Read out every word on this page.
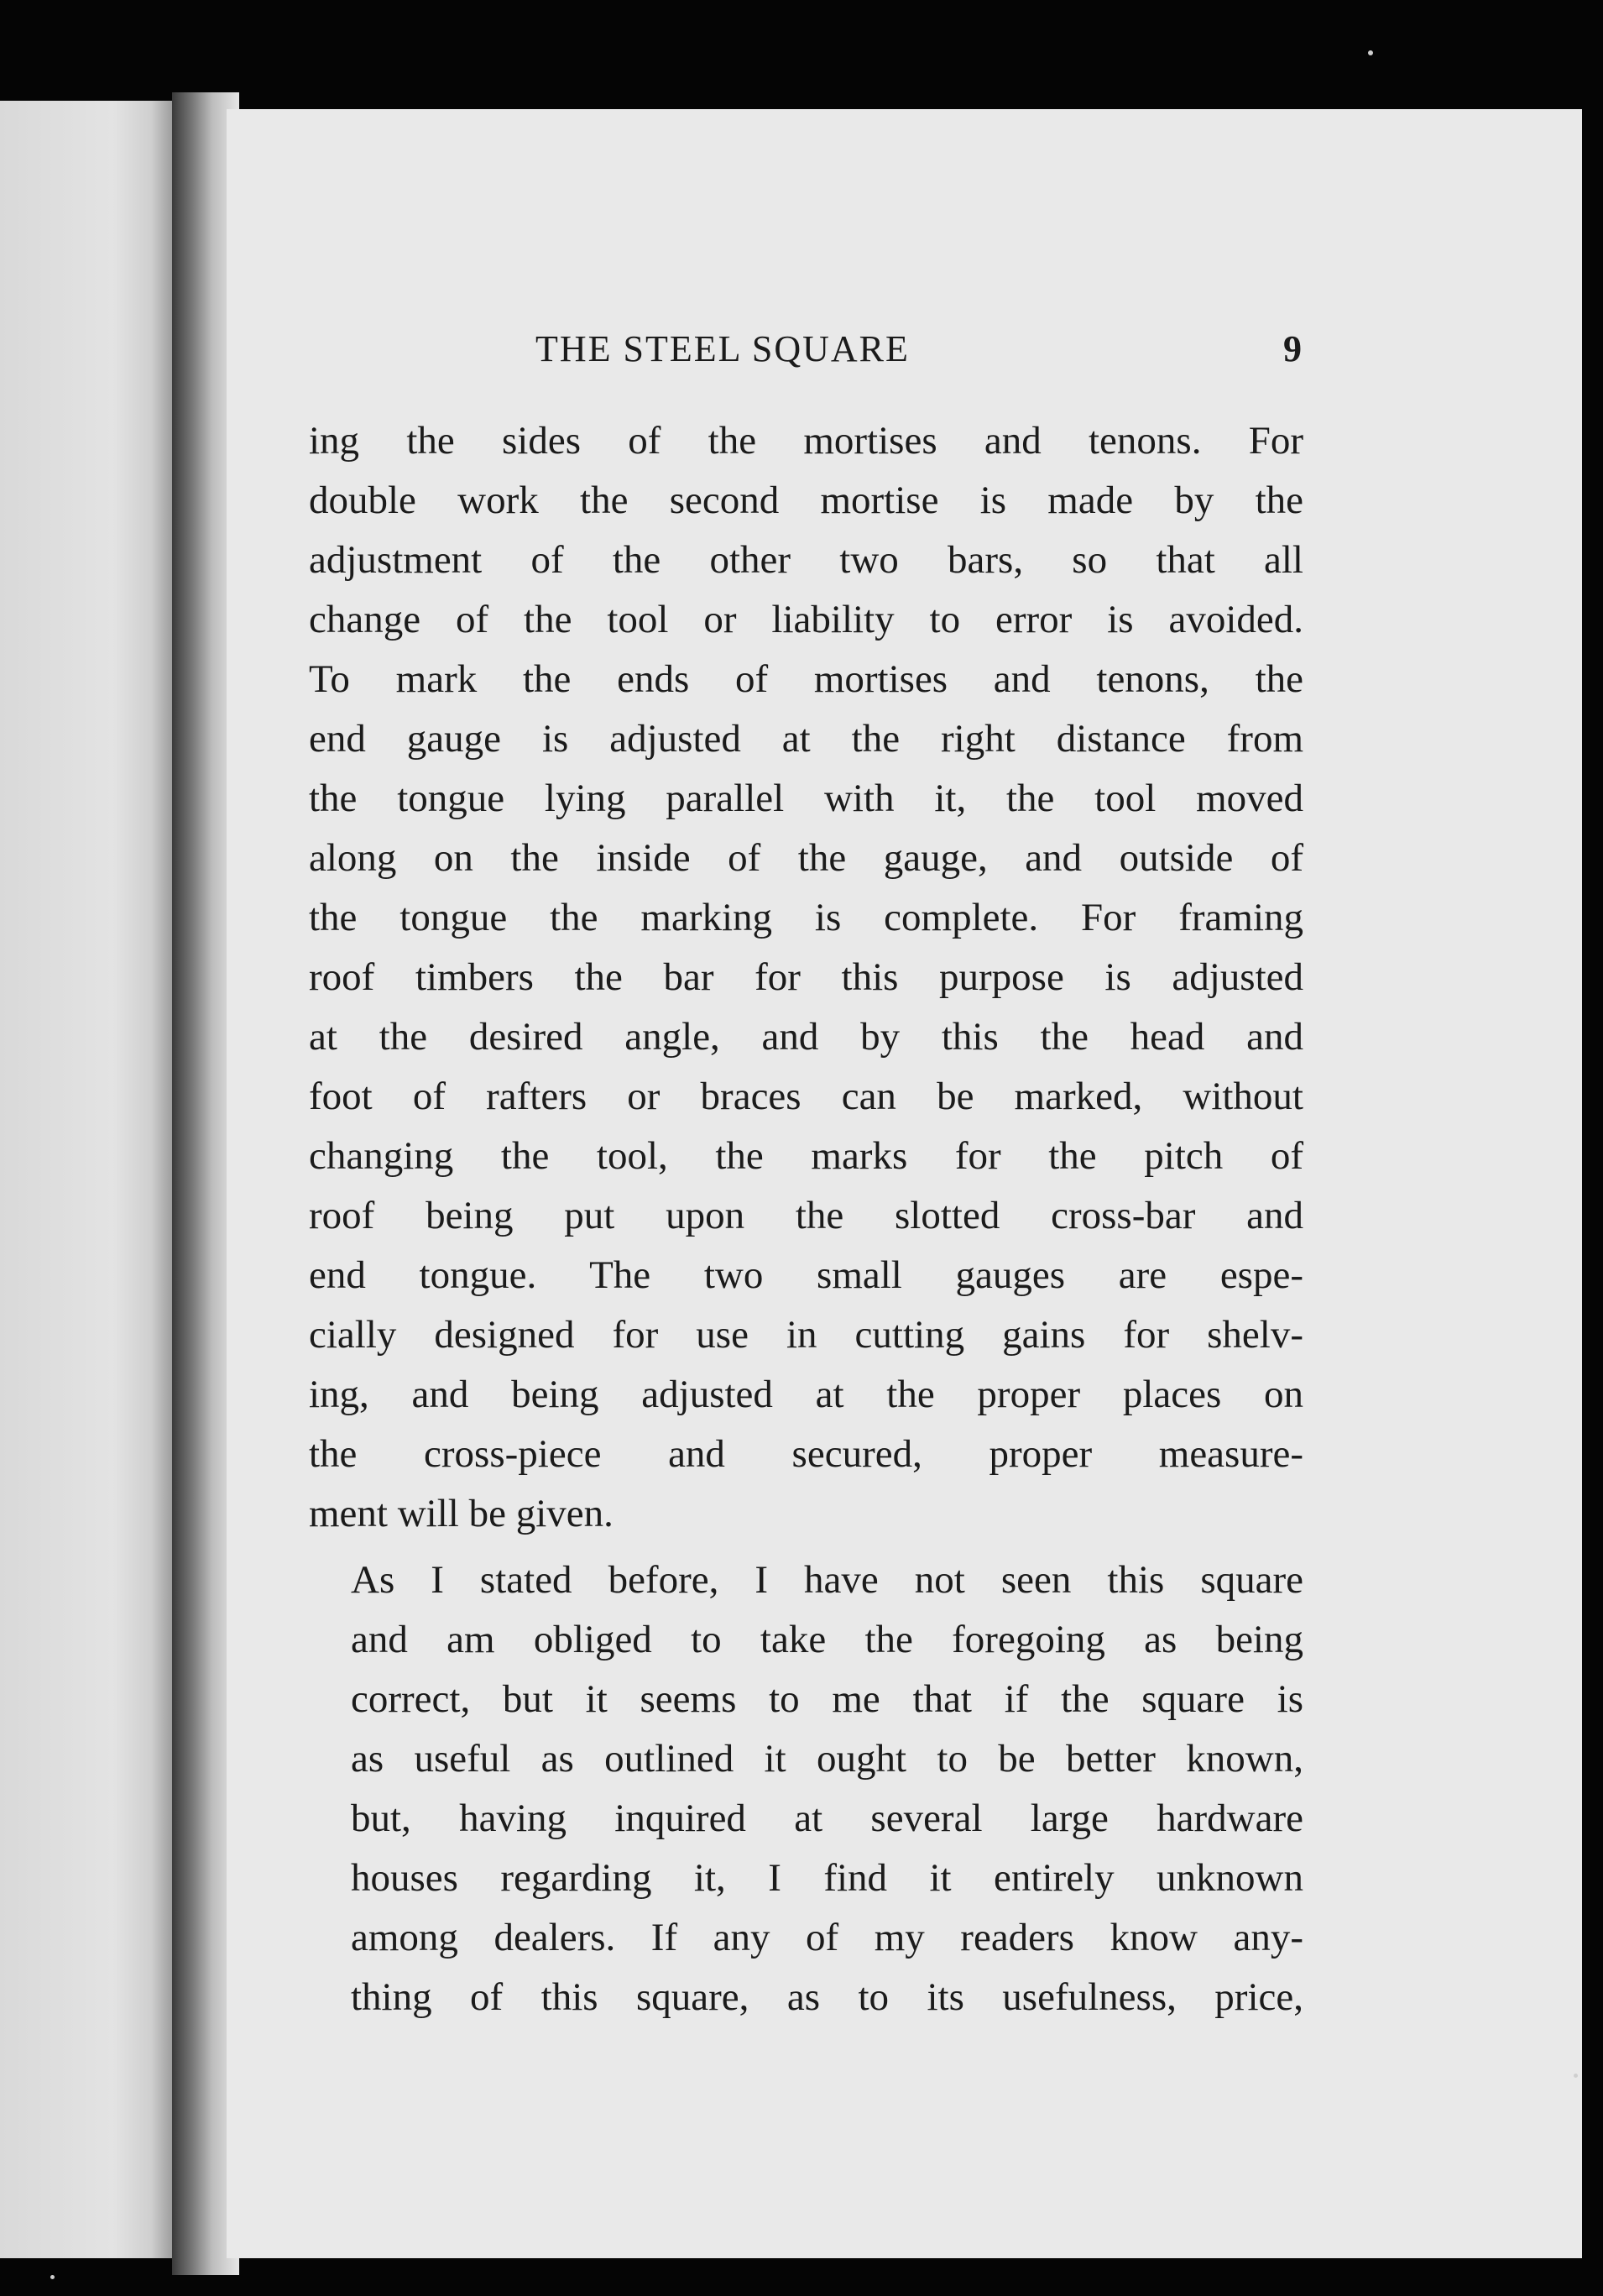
THE STEEL SQUARE	9

ing the sides of the mortises and tenons. For
double work the second mortise is made by the
adjustment of the other two bars, so that all
change of the tool or liability to error is avoided.
To mark the ends of mortises and tenons, the
end gauge is adjusted at the right distance from
the tongue lying parallel with it, the tool moved
along on the inside of the gauge, and outside of
the tongue the marking is complete. For framing
roof timbers the bar for this purpose is adjusted
at the desired angle, and by this the head and
foot of rafters or braces can be marked, without
changing the tool, the marks for the pitch of
roof being put upon the slotted cross-bar and
end tongue. The two small gauges are espe-
cially designed for use in cutting gains for shelv-
ing, and being adjusted at the proper places on
the cross-piece and secured, proper measure-
ment will be given.

As I stated before, I have not seen this square
and am obliged to take the foregoing as being
correct, but it seems to me that if the square is
as useful as outlined it ought to be better known,
but, having inquired at several large hardware
houses regarding it, I find it entirely unknown
among dealers. If any of my readers know any-
thing of this square, as to its usefulness, price,
